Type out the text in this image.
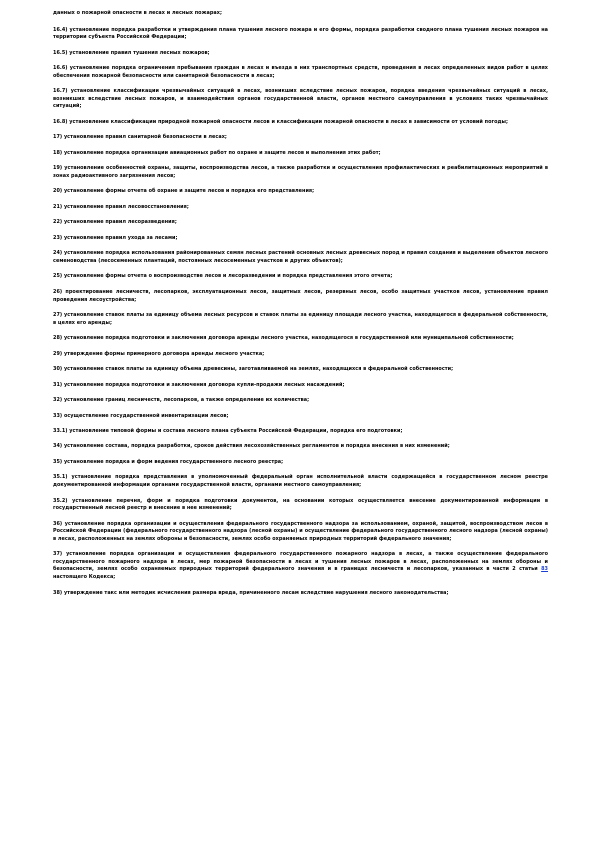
данных о пожарной опасности в лесах и лесных пожарах;

16.4) установление порядка разработки и утверждения плана тушения лесного пожара и его формы, порядка разработки сводного плана тушения лесных пожаров на территории субъекта Российской Федерации;

16.5) установление правил тушения лесных пожаров;

16.6) установление порядка ограничения пребывания граждан в лесах и въезда в них транспортных средств, проведения в лесах определенных видов работ в целях обеспечения пожарной безопасности или санитарной безопасности в лесах;

16.7) установление классификации чрезвычайных ситуаций в лесах, возникших вследствие лесных пожаров, порядка введения чрезвычайных ситуаций в лесах, возникших вследствие лесных пожаров, и взаимодействия органов государственной власти, органов местного самоуправления в условиях таких чрезвычайных ситуаций;

16.8) установление классификации природной пожарной опасности лесов и классификации пожарной опасности в лесах в зависимости от условий погоды;

17) установление правил санитарной безопасности в лесах;

18) установление порядка организации авиационных работ по охране и защите лесов и выполнения этих работ;

19) установление особенностей охраны, защиты, воспроизводства лесов, а также разработки и осуществления профилактических и реабилитационных мероприятий в зонах радиоактивного загрязнения лесов;

20) установление формы отчета об охране и защите лесов и порядка его представления;

21) установление правил лесовосстановления;

22) установление правил лесоразведения;

23) установление правил ухода за лесами;

24) установление порядка использования районированных семян лесных растений основных лесных древесных пород и правил создания и выделения объектов лесного семеноводства (лесосеменных плантаций, постоянных лесосеменных участков и других объектов);

25) установление формы отчета о воспроизводстве лесов и лесоразведении и порядка представления этого отчета;

26) проектирование лесничеств, лесопарков, эксплуатационных лесов, защитных лесов, резервных лесов, особо защитных участков лесов, установление правил проведения лесоустройства;

27) установление ставок платы за единицу объема лесных ресурсов и ставок платы за единицу площади лесного участка, находящегося в федеральной собственности, в целях его аренды;

28) установление порядка подготовки и заключения договора аренды лесного участка, находящегося в государственной или муниципальной собственности;

29) утверждение формы примерного договора аренды лесного участка;

30) установление ставок платы за единицу объема древесины, заготавливаемой на землях, находящихся в федеральной собственности;

31) установление порядка подготовки и заключения договора купли-продажи лесных насаждений;

32) установление границ лесничеств, лесопарков, а также определение их количества;

33) осуществление государственной инвентаризации лесов;

33.1) установление типовой формы и состава лесного плана субъекта Российской Федерации, порядка его подготовки;

34) установление состава, порядка разработки, сроков действия лесохозяйственных регламентов и порядка внесения в них изменений;

35) установление порядка и форм ведения государственного лесного реестра;

35.1) установление порядка представления в уполномоченный федеральный орган исполнительной власти содержащейся в государственном лесном реестре документированной информации органами государственной власти, органами местного самоуправления;

35.2) установление перечня, форм и порядка подготовки документов, на основании которых осуществляется внесение документированной информации в государственный лесной реестр и внесение в нее изменений;

36) установление порядка организации и осуществления федерального государственного надзора за использованием, охраной, защитой, воспроизводством лесов в Российской Федерации (федерального государственного надзора (лесной охраны) и осуществление федерального государственного лесного надзора (лесной охраны) в лесах, расположенных на землях обороны и безопасности, землях особо охраняемых природных территорий федерального значения;

37) установление порядка организации и осуществления федерального государственного пожарного надзора в лесах, а также осуществление федерального государственного пожарного надзора в лесах, мер пожарной безопасности в лесах и тушения лесных пожаров в лесах, расположенных на землях обороны и безопасности, землях особо охраняемых природных территорий федерального значения и в границах лесничеств и лесопарков, указанных в части 2 статьи 83 настоящего Кодекса;

38) утверждение такс или методик исчисления размера вреда, причиненного лесам вследствие нарушения лесного законодательства;
